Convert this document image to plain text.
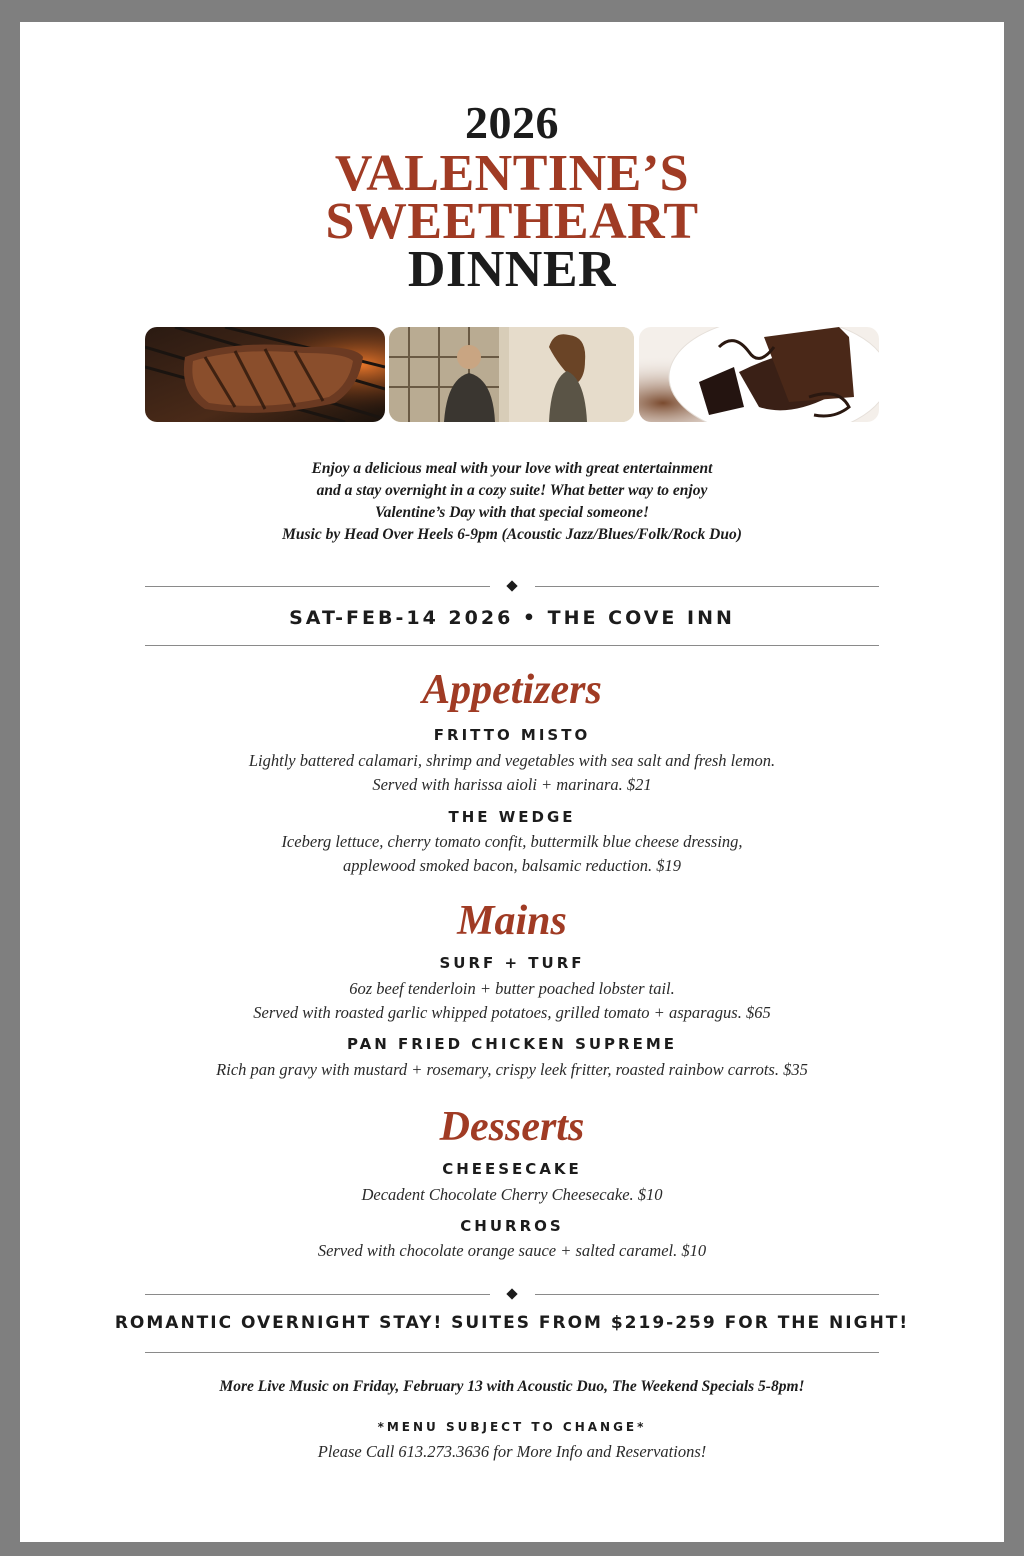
2026
VALENTINE’S
SWEETHEART
DINNER
Enjoy a delicious meal with your love with great entertainment
and a stay overnight in a cozy suite! What better way to enjoy
Valentine’s Day with that special someone!
Music by Head Over Heels 6-9pm (Acoustic Jazz/Blues/Folk/Rock Duo)
SAT-FEB-14 2026 • THE COVE INN
Appetizers
FRITTO MISTO
Lightly battered calamari, shrimp and vegetables with sea salt and fresh lemon.
Served with harissa aioli + marinara. $21
THE WEDGE
Iceberg lettuce, cherry tomato confit, buttermilk blue cheese dressing,
applewood smoked bacon, balsamic reduction. $19
Mains
SURF + TURF
6oz beef tenderloin + butter poached lobster tail.
Served with roasted garlic whipped potatoes, grilled tomato + asparagus. $65
PAN FRIED CHICKEN SUPREME
Rich pan gravy with mustard + rosemary, crispy leek fritter, roasted rainbow carrots. $35
Desserts
CHEESECAKE
Decadent Chocolate Cherry Cheesecake. $10
CHURROS
Served with chocolate orange sauce + salted caramel. $10
ROMANTIC OVERNIGHT STAY! SUITES FROM $219-259 FOR THE NIGHT!
More Live Music on Friday, February 13 with Acoustic Duo, The Weekend Specials 5-8pm!
*MENU SUBJECT TO CHANGE*
Please Call 613.273.3636 for More Info and Reservations!
